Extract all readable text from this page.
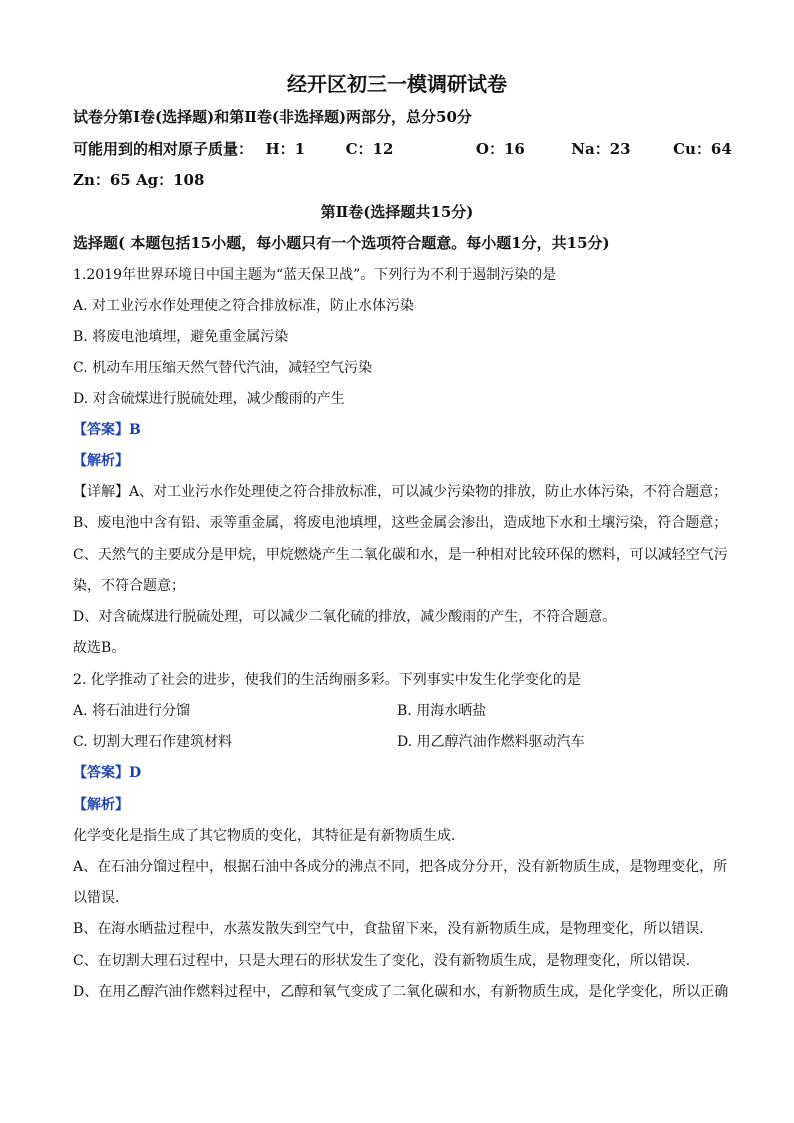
经开区初三一模调研试卷
试卷分第Ⅰ卷(选择题)和第Ⅱ卷(非选择题)两部分，总分50分
可能用到的相对原子质量： H：1	C：12	O：16	Na：23	Cu：64
Zn：65 Ag：108
第Ⅱ卷(选择题共15分)
选择题( 本题包括15小题，每小题只有一个选项符合题意。每小题1分，共15分)
1.2019年世界环境日中国主题为“蓝天保卫战”。下列行为不利于遏制污染的是
A. 对工业污水作处理使之符合排放标准，防止水体污染
B. 将废电池填埋，避免重金属污染
C. 机动车用压缩天然气替代汽油，减轻空气污染
D. 对含硫煤进行脱硫处理，减少酸雨的产生
【答案】B
【解析】
【详解】A、对工业污水作处理使之符合排放标准，可以减少污染物的排放，防止水体污染，不符合题意；
B、废电池中含有铅、汞等重金属，将废电池填埋，这些金属会渗出，造成地下水和土壤污染，符合题意；
C、天然气的主要成分是甲烷，甲烷燃烧产生二氧化碳和水，是一种相对比较环保的燃料，可以减轻空气污
染，不符合题意；
D、对含硫煤进行脱硫处理，可以减少二氧化硫的排放，减少酸雨的产生，不符合题意。
故选B。
2. 化学推动了社会的进步，使我们的生活绚丽多彩。下列事实中发生化学变化的是
A. 将石油进行分馏	B. 用海水晒盐
C. 切割大理石作建筑材料	D. 用乙醇汽油作燃料驱动汽车
【答案】D
【解析】
化学变化是指生成了其它物质的变化，其特征是有新物质生成．
A、在石油分馏过程中，根据石油中各成分的沸点不同，把各成分分开，没有新物质生成，是物理变化，所
以错误．
B、在海水晒盐过程中，水蒸发散失到空气中，食盐留下来，没有新物质生成，是物理变化，所以错误．
C、在切割大理石过程中，只是大理石的形状发生了变化，没有新物质生成，是物理变化，所以错误．
D、在用乙醇汽油作燃料过程中，乙醇和氧气变成了二氧化碳和水，有新物质生成，是化学变化，所以正确
